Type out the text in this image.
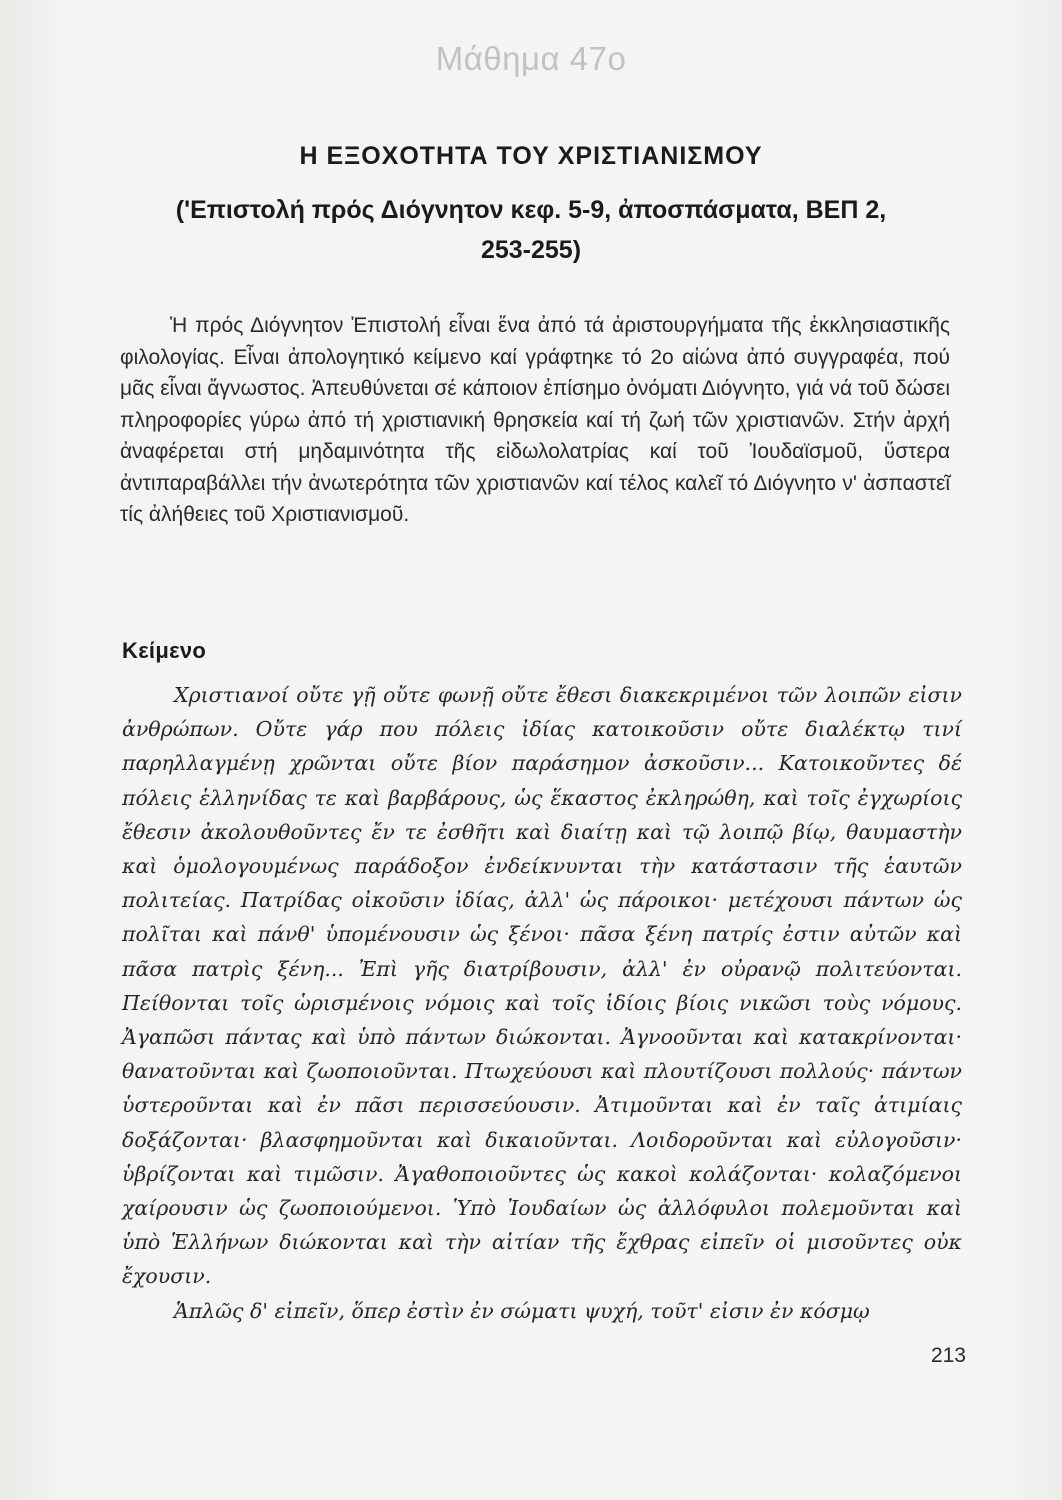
Μάθημα 47ο
Η ΕΞΟΧΟΤΗΤΑ ΤΟΥ ΧΡΙΣΤΙΑΝΙΣΜΟΥ
('Επιστολή πρός Διόγνητον κεφ. 5-9, ἀποσπάσματα, ΒΕΠ 2, 253-255)

Ἡ πρός Διόγνητον Ἐπιστολή εἶναι ἕνα ἀπό τά ἀριστουργήματα τῆς ἐκκλησιαστικῆς φιλολογίας. Εἶναι ἀπολογητικό κείμενο καί γράφτηκε τό 2ο αἰώνα ἀπό συγγραφέα, πού μᾶς εἶναι ἄγνωστος. Ἀπευθύνεται σέ κάποιον ἐπίσημο ὀνόματι Διόγνητο, γιά νά τοῦ δώσει πληροφορίες γύρω ἀπό τή χριστιανική θρησκεία καί τή ζωή τῶν χριστιανῶν. Στήν ἀρχή ἀναφέρεται στή μηδαμινότητα τῆς εἰδωλολατρίας καί τοῦ Ἰουδαϊσμοῦ, ὕστερα ἀντιπαραβάλλει τήν ἀνωτερότητα τῶν χριστιανῶν καί τέλος καλεῖ τό Διόγνητο ν' ἀσπαστεῖ τίς ἀλήθειες τοῦ Χριστιανισμοῦ.

Κείμενο

Χριστιανοί οὔτε γῇ οὔτε φωνῇ οὔτε ἔθεσι διακεκριμένοι τῶν λοιπῶν εἰσιν ἀνθρώπων. Οὔτε γάρ που πόλεις ἰδίας κατοικοῦσιν οὔτε διαλέκτῳ τινί παρηλλαγμένῃ χρῶνται οὔτε βίον παράσημον ἀσκοῦσιν... Κατοικοῦντες δέ πόλεις ἑλληνίδας τε καὶ βαρβάρους, ὡς ἕκαστος ἐκληρώθη, καὶ τοῖς ἐγχωρίοις ἔθεσιν ἀκολουθοῦντες ἔν τε ἐσθῆτι καὶ διαίτῃ καὶ τῷ λοιπῷ βίῳ, θαυμαστὴν καὶ ὁμολογουμένως παράδοξον ἐνδείκνυνται τὴν κατάστασιν τῆς ἑαυτῶν πολιτείας. Πατρίδας οἰκοῦσιν ἰδίας, ἀλλ' ὡς πάροικοι· μετέχουσι πάντων ὡς πολῖται καὶ πάνθ' ὑπομένουσιν ὡς ξένοι· πᾶσα ξένη πατρίς ἐστιν αὐτῶν καὶ πᾶσα πατρὶς ξένη... Ἐπὶ γῆς διατρίβουσιν, ἀλλ' ἐν οὐρανῷ πολιτεύονται. Πείθονται τοῖς ὡρισμένοις νόμοις καὶ τοῖς ἰδίοις βίοις νικῶσι τοὺς νόμους. Ἀγαπῶσι πάντας καὶ ὑπὸ πάντων διώκονται. Ἀγνοοῦνται καὶ κατακρίνονται· θανατοῦνται καὶ ζωοποιοῦνται. Πτωχεύουσι καὶ πλουτίζουσι πολλούς· πάντων ὑστεροῦνται καὶ ἐν πᾶσι περισσεύουσιν. Ἀτιμοῦνται καὶ ἐν ταῖς ἀτιμίαις δοξάζονται· βλασφημοῦνται καὶ δικαιοῦνται. Λοιδοροῦνται καὶ εὐλογοῦσιν· ὑβρίζονται καὶ τιμῶσιν. Ἀγαθοποιοῦντες ὡς κακοὶ κολάζονται· κολαζόμενοι χαίρουσιν ὡς ζωοποιούμενοι. Ὑπὸ Ἰουδαίων ὡς ἀλλόφυλοι πολεμοῦνται καὶ ὑπὸ Ἑλλήνων διώκονται καὶ τὴν αἰτίαν τῆς ἔχθρας εἰπεῖν οἱ μισοῦντες οὐκ ἔχουσιν.

Ἁπλῶς δ' εἰπεῖν, ὅπερ ἐστὶν ἐν σώματι ψυχή, τοῦτ' εἰσιν ἐν κόσμῳ

213
